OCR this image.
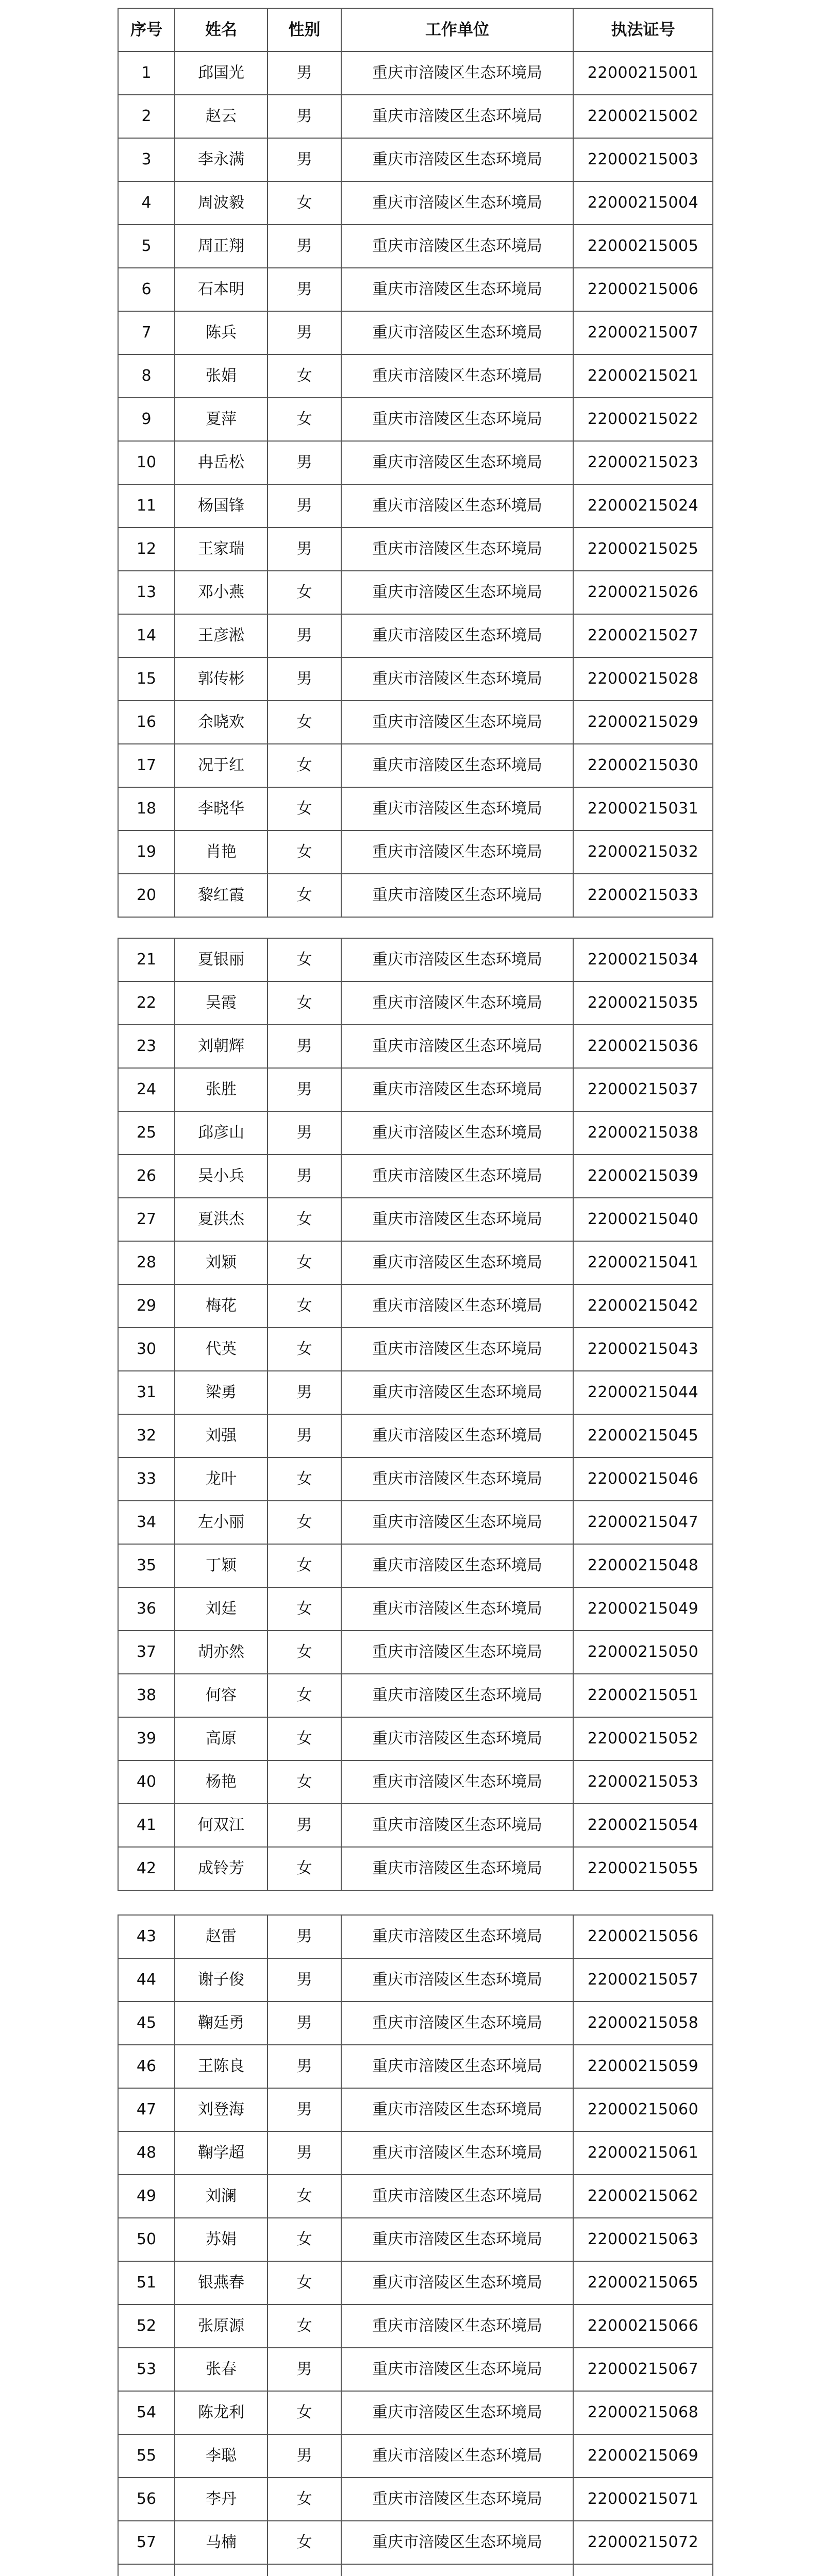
序号	姓名	性别	工作单位	执法证号
1	邱国光	男	重庆市涪陵区生态环境局	22000215001
2	赵云	男	重庆市涪陵区生态环境局	22000215002
3	李永满	男	重庆市涪陵区生态环境局	22000215003
4	周波毅	女	重庆市涪陵区生态环境局	22000215004
5	周正翔	男	重庆市涪陵区生态环境局	22000215005
6	石本明	男	重庆市涪陵区生态环境局	22000215006
7	陈兵	男	重庆市涪陵区生态环境局	22000215007
8	张娟	女	重庆市涪陵区生态环境局	22000215021
9	夏萍	女	重庆市涪陵区生态环境局	22000215022
10	冉岳松	男	重庆市涪陵区生态环境局	22000215023
11	杨国锋	男	重庆市涪陵区生态环境局	22000215024
12	王家瑞	男	重庆市涪陵区生态环境局	22000215025
13	邓小燕	女	重庆市涪陵区生态环境局	22000215026
14	王彦淞	男	重庆市涪陵区生态环境局	22000215027
15	郭传彬	男	重庆市涪陵区生态环境局	22000215028
16	余晓欢	女	重庆市涪陵区生态环境局	22000215029
17	况于红	女	重庆市涪陵区生态环境局	22000215030
18	李晓华	女	重庆市涪陵区生态环境局	22000215031
19	肖艳	女	重庆市涪陵区生态环境局	22000215032
20	黎红霞	女	重庆市涪陵区生态环境局	22000215033
21	夏银丽	女	重庆市涪陵区生态环境局	22000215034
22	吴霞	女	重庆市涪陵区生态环境局	22000215035
23	刘朝辉	男	重庆市涪陵区生态环境局	22000215036
24	张胜	男	重庆市涪陵区生态环境局	22000215037
25	邱彦山	男	重庆市涪陵区生态环境局	22000215038
26	吴小兵	男	重庆市涪陵区生态环境局	22000215039
27	夏洪杰	女	重庆市涪陵区生态环境局	22000215040
28	刘颖	女	重庆市涪陵区生态环境局	22000215041
29	梅花	女	重庆市涪陵区生态环境局	22000215042
30	代英	女	重庆市涪陵区生态环境局	22000215043
31	梁勇	男	重庆市涪陵区生态环境局	22000215044
32	刘强	男	重庆市涪陵区生态环境局	22000215045
33	龙叶	女	重庆市涪陵区生态环境局	22000215046
34	左小丽	女	重庆市涪陵区生态环境局	22000215047
35	丁颖	女	重庆市涪陵区生态环境局	22000215048
36	刘廷	女	重庆市涪陵区生态环境局	22000215049
37	胡亦然	女	重庆市涪陵区生态环境局	22000215050
38	何容	女	重庆市涪陵区生态环境局	22000215051
39	高原	女	重庆市涪陵区生态环境局	22000215052
40	杨艳	女	重庆市涪陵区生态环境局	22000215053
41	何双江	男	重庆市涪陵区生态环境局	22000215054
42	成铃芳	女	重庆市涪陵区生态环境局	22000215055
43	赵雷	男	重庆市涪陵区生态环境局	22000215056
44	谢子俊	男	重庆市涪陵区生态环境局	22000215057
45	鞠廷勇	男	重庆市涪陵区生态环境局	22000215058
46	王陈良	男	重庆市涪陵区生态环境局	22000215059
47	刘登海	男	重庆市涪陵区生态环境局	22000215060
48	鞠学超	男	重庆市涪陵区生态环境局	22000215061
49	刘澜	女	重庆市涪陵区生态环境局	22000215062
50	苏娟	女	重庆市涪陵区生态环境局	22000215063
51	银燕春	女	重庆市涪陵区生态环境局	22000215065
52	张原源	女	重庆市涪陵区生态环境局	22000215066
53	张春	男	重庆市涪陵区生态环境局	22000215067
54	陈龙利	女	重庆市涪陵区生态环境局	22000215068
55	李聪	男	重庆市涪陵区生态环境局	22000215069
56	李丹	女	重庆市涪陵区生态环境局	22000215071
57	马楠	女	重庆市涪陵区生态环境局	22000215072
